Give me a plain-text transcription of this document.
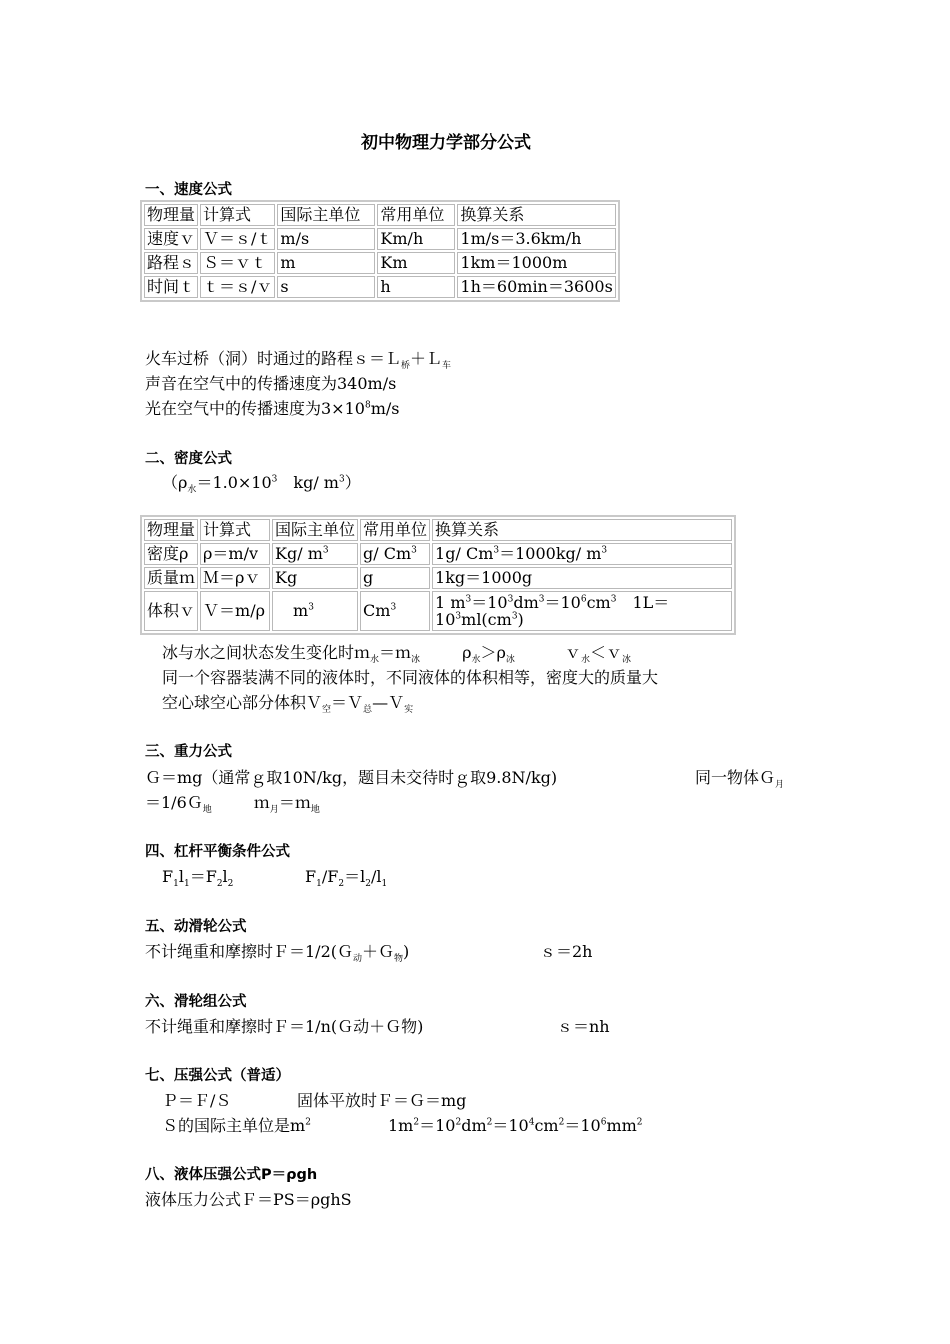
初中物理力学部分公式
一、速度公式
物理量	计算式	国际主单位	常用单位	换算关系
速度ｖ	Ｖ＝ｓ/ｔ	m/s	Km/h	1m/s＝3.6km/h
路程ｓ	Ｓ＝ｖｔ	m	Km	1km＝1000m
时间ｔ	ｔ＝ｓ/ｖ	s	h	1h＝60min＝3600s
火车过桥（洞）时通过的路程ｓ＝Ｌ$_桥$＋Ｌ$_车$
声音在空气中的传播速度为340m/s
光在空气中的传播速度为$3\times 10^8m/s$
二、密度公式
（$\rho_水=1.0\times 10^3$　kg/ $m^3$）
物理量	计算式	国际主单位	常用单位	换算关系
密度ρ	ρ＝m/v	Kg/ $m^3$	g/ Cm$^3$	1g/ $Cm^3=1000kg/$ $m^3$
质量ｍ	Ｍ＝ρｖ	Kg	g	1kg＝1000g
体积ｖ	Ｖ＝m/ρ	$m^3$	Cm$^3$	1 $m^3=10^3dm^3=10^6cm^3$　1L＝
$10^3ml(cm^3)$
冰与水之间状态发生变化时ｍ$_水$＝ｍ$_冰$	$\rho_水>\rho_冰$	ｖ$_水$＜ｖ$_冰$
同一个容器装满不同的液体时，不同液体的体积相等，密度大的质量大
空心球空心部分体积Ｖ$_空$＝Ｖ$_总$—Ｖ$_实$
三、重力公式
Ｇ＝mg（通常ｇ取10N/kg，题目未交待时ｇ取9.8N/kg)	同一物体Ｇ$_月$
＝1/6Ｇ$_地$	ｍ$_月$＝ｍ$_地$
四、杠杆平衡条件公式
$F_1l_1=F_2l_2$	$F_1/F_2=l_2/l_1$
五、动滑轮公式
不计绳重和摩擦时Ｆ＝1/2(Ｇ$_动$＋Ｇ$_物$)	ｓ＝2h
六、滑轮组公式
不计绳重和摩擦时Ｆ＝1/n(Ｇ动＋Ｇ物)	ｓ＝nh
七、压强公式（普适）
Ｐ＝Ｆ/Ｓ	固体平放时Ｆ＝Ｇ＝mg
Ｓ的国际主单位是$m^2$	$1m^2=10^2dm^2=10^4cm^2=10^6mm^2$
八、液体压强公式P＝ρgh
液体压力公式Ｆ＝PS＝ρghS
